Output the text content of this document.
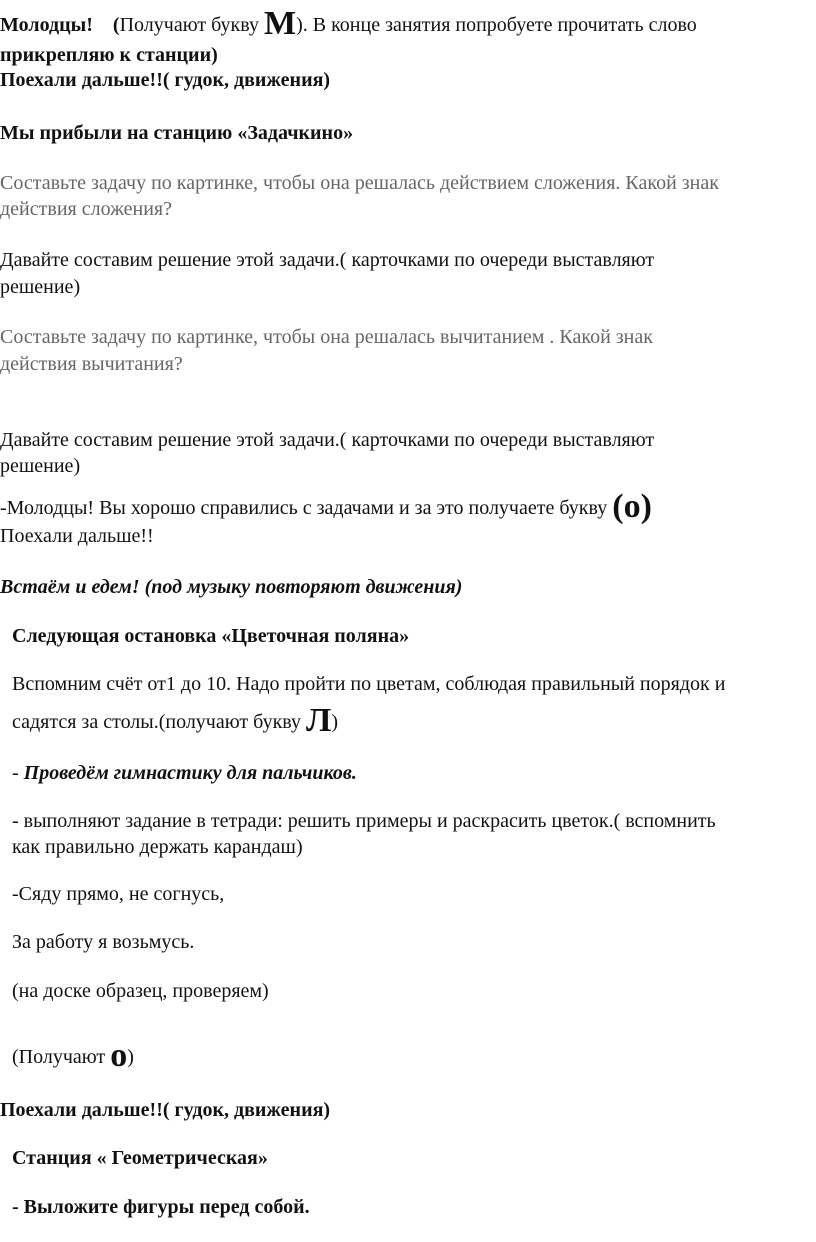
Молодцы! (Получают букву М). В конце занятия попробуете прочитать слово
прикрепляю к станции)
Поехали дальше!!( гудок, движения)
Мы прибыли на станцию «Задачкино»
Составьте задачу по картинке, чтобы она решалась действием сложения. Какой знак
действия сложения?
Давайте составим решение этой задачи.( карточками по очереди выставляют
решение)
Составьте задачу по картинке, чтобы она решалась вычитанием . Какой знак
действия вычитания?
Давайте составим решение этой задачи.( карточками по очереди выставляют
решение)
-Молодцы! Вы хорошо справились с задачами и за это получаете букву (о)
Поехали дальше!!
Встаём и едем! (под музыку повторяют движения)
Следующая остановка «Цветочная поляна»
Вспомним счёт от1 до 10. Надо пройти по цветам, соблюдая правильный порядок и
садятся за столы.(получают букву Л)
- Проведём гимнастику для пальчиков.
- выполняют задание в тетради: решить примеры и раскрасить цветок.( вспомнить
как правильно держать карандаш)
-Сяду прямо, не согнусь,
За работу я возьмусь.
(на доске образец, проверяем)
(Получают о)
Поехали дальше!!( гудок, движения)
Станция « Геометрическая»
- Выложите фигуры перед собой.
